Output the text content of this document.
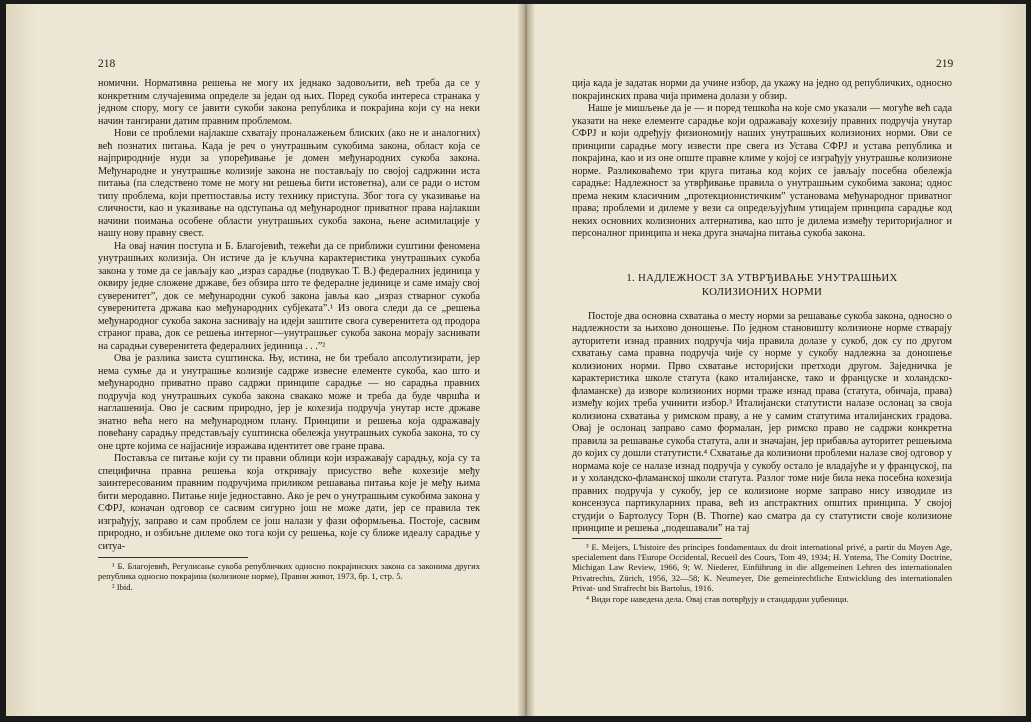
218

номични. Нормативна решења не могу их једнако задовољити, већ треба да се у конкретним случајевима определе за један од њих. Поред сукоба интереса странака у једном спору, могу се јавити сукоби закона република и покрајина који су на неки начин тангирани датим правним проблемом.

Нови се проблеми најлакше схватају проналажењем блиских (ако не и аналогних) већ познатих питања. Када је реч о унутрашњим сукобима закона, област која се најприродније нуди за упоређивање је домен међународних сукоба закона. Међународне и унутрашње колизије закона не постављају по својој садржини иста питања (па следствено томе не могу ни решења бити истоветна), али се ради о истом типу проблема, који претпоставља исту технику приступа. Због тога су указивање на сличности, као и указивање на одступања од међународног приватног права најлакши начини поимања особене области унутрашњих сукоба закона, њене асимилације у нашу нову правну свест.

На овај начин поступа и Б. Благојевић, тежећи да се приближи суштини феномена унутрашњих колизија. Он истиче да је кључна карактеристика унутрашњих сукоба закона у томе да се јављају као „израз сарадње (подвукао Т. В.) федералних јединица у оквиру једне сложене државе, без обзира што те федералне јединице и саме имају свој суверенитет”, док се међународни сукоб закона јавља као „израз стварног сукоба суверенитета држава као међународних субјеката”.¹ Из овога следи да се „решења међународног сукоба закона заснивају на идеји заштите свога суверенитета од продора страног права, док се решења интерног—унутрашњег сукоба закона морају заснивати на сарадњи суверенитета федералних јединица . . .”²

Ова је разлика заиста суштинска. Њу, истина, не би требало апсолутизирати, јер нема сумње да и унутрашње колизије садрже извесне елементе сукоба, као што и међународно приватно право садржи принципе сарадње — но сарадња правних подручја код унутрашњих сукоба закона свакако може и треба да буде чвршћа и наглашенија. Ово је сасвим природно, јер је кохезија подручја унутар исте државе знатно већа него на међународном плану. Принципи и решења која одражавају повећану сарадњу представљају суштинска обележја унутрашњих сукоба закона, то су оне црте којима се најјасније изражава идентитет ове гране права.

Постављa се питање који су ти правни облици који изражавају сарадњу, која су та специфична правна решења која откривају присуство веће кохезије међу заинтересованим правним подручјима приликом решавања питања које је међу њима бити меродавно. Питање није једноставно. Ако је реч о унутрашњим сукобима закона у СФРЈ, коначан одговор се сасвим сигурно још не може дати, јер се правила тек изграђују, заправо и сам проблем се још налази у фази оформљења. Постоје, сасвим природно, и озбиљне дилеме око тога који су решења, које су ближе идеалу сарадње у ситуа-

¹ Б. Благојевић, Регулисање сукоба републичких односно покрајинских закона са законима других република односно покрајина (колизионе норме), Правни живот, 1973, бр. 1, стр. 5.

² Ibid.

219

ција када је задатак норми да учине избор, да укажу на једно од републичких, односно покрајинских права чија примена долази у обзир.

Наше је мишљење да је — и поред тешкоћа на које смо указали — могуће већ сада указати на неке елементе сарадње који одражавају кохезију правних подручја унутар СФРЈ и који одређују физиономију наших унутрашњих колизионих норми. Ови се принципи сарадње могу извести пре свега из Устава СФРЈ и устава република и покрајина, као и из оне опште правне климе у којој се изграђују унутрашње колизионе норме. Разликоваћемо три круга питања код којих се јављају посебна обележја сарадње: Надлежност за утврђивање правила о унутрашњим сукобима закона; однос према неким класичним „протекционистичким” установама међународног приватног права; проблеми и дилеме у вези са опредељујућим утицајем принципа сарадње код неких основних колизионих алтернатива, као што је дилема између територијалног и персоналног принципа и нека друга значајна питања сукоба закона.

1. НАДЛЕЖНОСТ ЗА УТВРЂИВАЊЕ УНУТРАШЊИХ
КОЛИЗИОНИХ НОРМИ

Постоје два основна схватања о месту норми за решавање сукоба закона, односно о надлежности за њихово доношење. По једном становишту колизионе норме стварају ауторитети изнад правних подручја чија правила долазе у сукоб, док су по другом схватању сама правна подручја чије су норме у сукобу надлежна за доношење колизионих норми. Прво схватање историјски претходи другом. Заједничка је карактеристика школе статута (како италијанске, тако и француске и холандско-фламанске) да изворе колизионих норми траже изнад права (статута, обичаја, права) између којих треба учинити избор.³ Италијански статутисти налазе ослонац за своја колизиона схватања у римском праву, а не у самим статутима италијанских градова. Овај је ослонац заправо само формалан, јер римско право не садржи конкретна правила за решавање сукоба статута, али и значајан, јер прибавља ауторитет решењима до којих су дошли статутисти.⁴ Схватање да колизиони проблеми налазе свој одговор у нормама које се налазе изнад подручја у сукобу остало је владајуће и у француској, па и у холандско-фламанској школи статута. Разлог томе није била нека посебна кохезија правних подручја у сукобу, јер се колизионе норме заправо нису изводиле из консензуса партикуларних права, већ из апстрактних општих принципа. У својој студији о Бартолусу Торн (B. Thorne) као сматра да су статутисти своје колизионе принципе и решења „подешавали” на тај

³ Е. Meijers, L'histoire des principes fondamentaux du droit international privé, a partir du Moyen Age, specialement dans l'Europe Occidental, Recueil des Cours, Tom 49, 1934; H. Yntema, The Comity Doctrine, Michigan Law Review, 1966, 9; W. Niederer, Einführung in die allgemeinen Lehren des internationalen Privatrechts, Zürich, 1956, 32—58; K. Neumeyer, Die gemeinrechtliche Entwicklung des internationalen Privat- und Strafrecht bis Bartolus, 1916.

⁴ Види горе наведена дела. Овај став потврђују и стандардни уџбеници.
